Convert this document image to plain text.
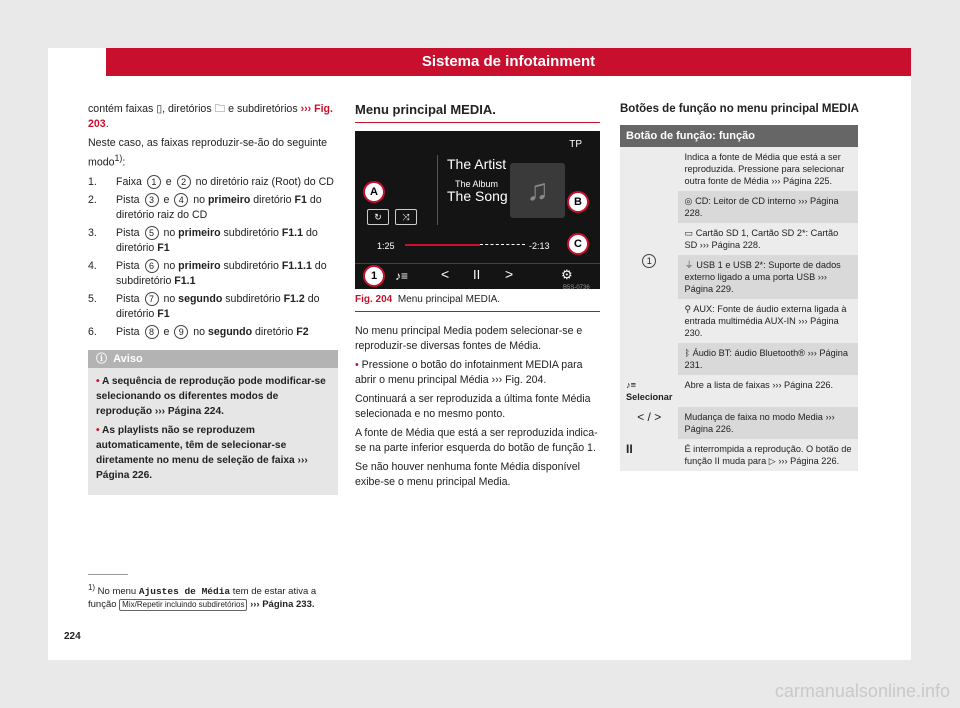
Sistema de infotainment

contém faixas ▯, diretórios 🗀 e subdiretórios ››› Fig. 203.

Neste caso, as faixas reproduzir-se-ão do seguinte modo$^{1)}$:

1. Faixa 1 e 2 no diretório raiz (Root) do CD
2. Pista 3 e 4 no primeiro diretório F1 do diretório raiz do CD
3. Pista 5 no primeiro subdiretório F1.1 do diretório F1
4. Pista 6 no primeiro subdiretório F1.1.1 do subdiretório F1.1
5. Pista 7 no segundo subdiretório F1.2 do diretório F1
6. Pista 8 e 9 no segundo diretório F2
ⓘ Aviso
• A sequência de reprodução pode modificar-se selecionando os diferentes modos de reprodução ››› Página 224.
• As playlists não se reproduzem automaticamente, têm de selecionar-se diretamente no menu de seleção de faixa ››› Página 226.
$^{1)}$ No menu Ajustes de Média tem de estar ativa a função Mix/Repetir incluindo subdiretórios ››› Página 233.
224
Menu principal MEDIA.
TP
The Artist
The Album
The Song ♫
A
B
C
↻	⤨
1:25	-2:13
1	♪≡ < II >	⚙
B5S-0736
Fig. 204 Menu principal MEDIA.

No menu principal Media podem selecionar-se e reproduzir-se diversas fontes de Média.

• Pressione o botão do infotainment MEDIA para abrir o menu principal Média ››› Fig. 204.

Continuará a ser reproduzida a última fonte Média selecionada e no mesmo ponto.

A fonte de Média que está a ser reproduzida indica-se na parte inferior esquerda do botão de função 1.

Se não houver nenhuma fonte Média disponível exibe-se o menu principal Media.

Botões de função no menu principal MEDIA
Botão de função: função	
1	Indica a fonte de Média que está a ser reproduzida. Pressione para selecionar outra fonte de Média ››› Página 225.
	◎ CD: Leitor de CD interno ››› Página 228.
	▭ Cartão SD 1, Cartão SD 2*: Cartão SD ››› Página 228.
	⏚ USB 1 e USB 2*: Suporte de dados externo ligado a uma porta USB ››› Página 229.
	⚲ AUX: Fonte de áudio externa ligada à entrada multimédia AUX-IN ››› Página 230.
	ᛒ Áudio BT: áudio Bluetooth® ››› Página 231.
♪≡ Selecionar	Abre a lista de faixas ››› Página 226.
< / >	Mudança de faixa no modo Media ››› Página 226.
II	É interrompida a reprodução. O botão de função II muda para ▷ ››› Página 226.
carmanualsonline.info
